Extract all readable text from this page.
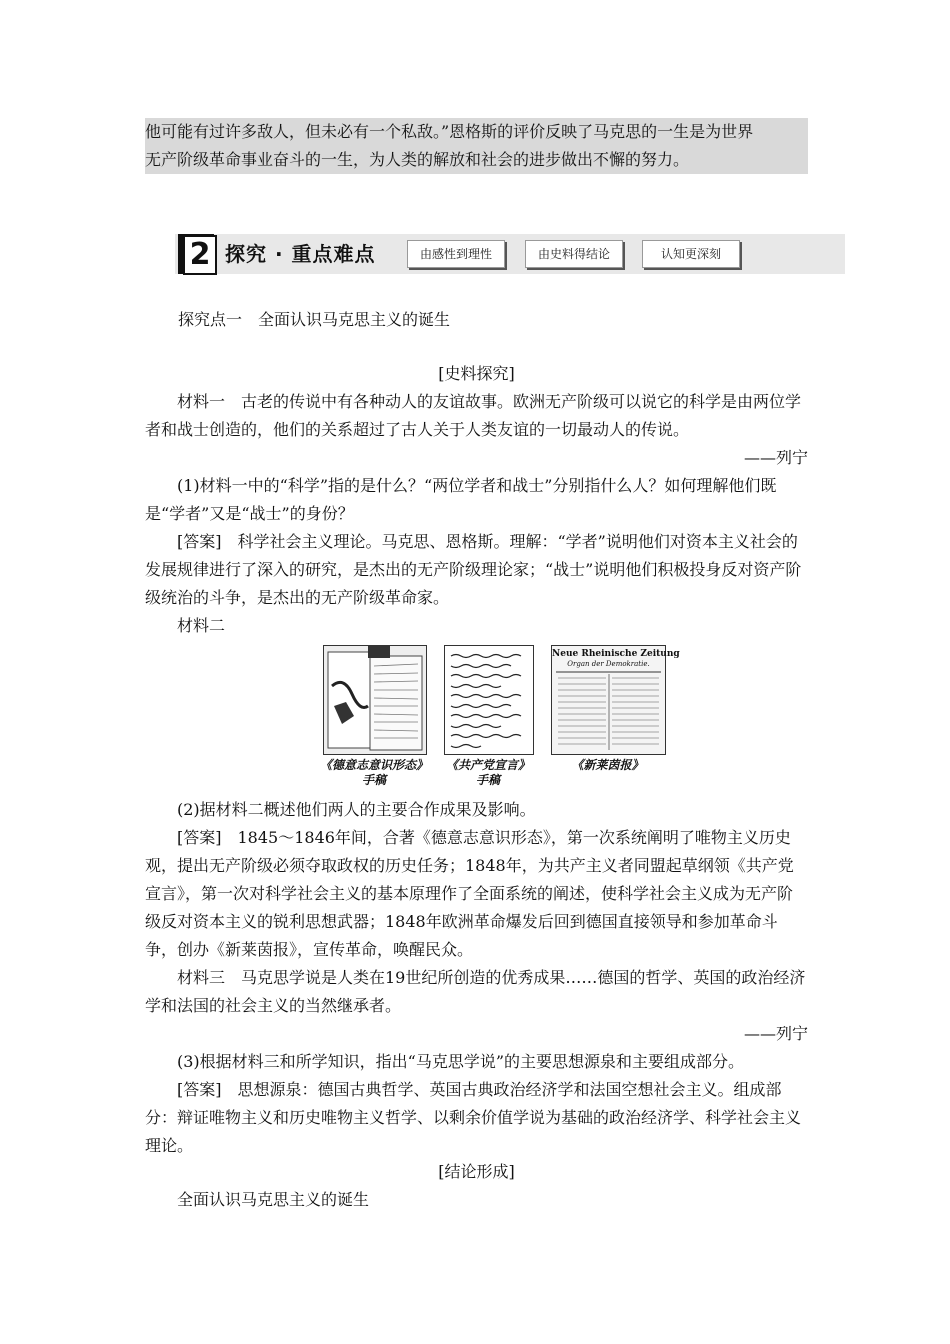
他可能有过许多敌人，但未必有一个私敌。”恩格斯的评价反映了马克思的一生是为世界
无产阶级革命事业奋斗的一生，为人类的解放和社会的进步做出不懈的努力。
2 探究 · 重点难点	由感性到理性	由史料得结论	认知更深刻
探究点一　全面认识马克思主义的诞生
[史料探究]
材料一　古老的传说中有各种动人的友谊故事。欧洲无产阶级可以说它的科学是由两位学者和战士创造的，他们的关系超过了古人关于人类友谊的一切最动人的传说。
——列宁
(1)材料一中的“科学”指的是什么？“两位学者和战士”分别指什么人？如何理解他们既是“学者”又是“战士”的身份？
[答案]　科学社会主义理论。马克思、恩格斯。理解：“学者”说明他们对资本主义社会的发展规律进行了深入的研究，是杰出的无产阶级理论家；“战士”说明他们积极投身反对资产阶级统治的斗争，是杰出的无产阶级革命家。
材料二
Neue Rheinische Zeitung
Organ der Demokratie.
《德意志意识形态》
手稿
《共产党宣言》
手稿
《新莱茵报》
(2)据材料二概述他们两人的主要合作成果及影响。
[答案]　1845～1846年间，合著《德意志意识形态》，第一次系统阐明了唯物主义历史观，提出无产阶级必须夺取政权的历史任务；1848年，为共产主义者同盟起草纲领《共产党宣言》，第一次对科学社会主义的基本原理作了全面系统的阐述，使科学社会主义成为无产阶级反对资本主义的锐利思想武器；1848年欧洲革命爆发后回到德国直接领导和参加革命斗争，创办《新莱茵报》，宣传革命，唤醒民众。
材料三　马克思学说是人类在19世纪所创造的优秀成果……德国的哲学、英国的政治经济学和法国的社会主义的当然继承者。
——列宁
(3)根据材料三和所学知识，指出“马克思学说”的主要思想源泉和主要组成部分。
[答案]　思想源泉：德国古典哲学、英国古典政治经济学和法国空想社会主义。组成部分：辩证唯物主义和历史唯物主义哲学、以剩余价值学说为基础的政治经济学、科学社会主义理论。
[结论形成]
全面认识马克思主义的诞生
